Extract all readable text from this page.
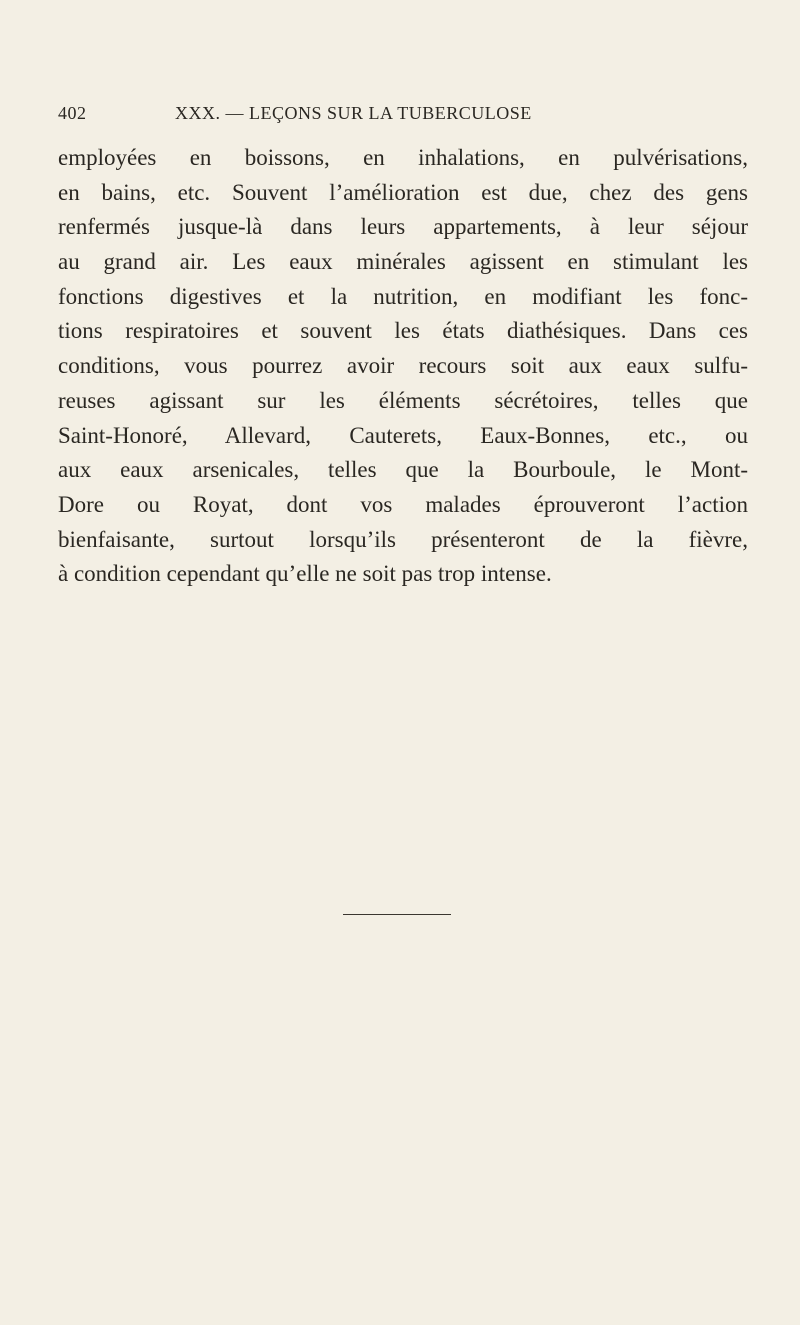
402	XXX. — LEÇONS SUR LA TUBERCULOSE
employées en boissons, en inhalations, en pulvérisations,
en bains, etc. Souvent l’amélioration est due, chez des gens
renfermés jusque-là dans leurs appartements, à leur séjour
au grand air. Les eaux minérales agissent en stimulant les
fonctions digestives et la nutrition, en modifiant les fonc-
tions respiratoires et souvent les états diathésiques. Dans ces
conditions, vous pourrez avoir recours soit aux eaux sulfu-
reuses agissant sur les éléments sécrétoires, telles que
Saint-Honoré, Allevard, Cauterets, Eaux-Bonnes, etc., ou
aux eaux arsenicales, telles que la Bourboule, le Mont-
Dore ou Royat, dont vos malades éprouveront l’action
bienfaisante, surtout lorsqu’ils présenteront de la fièvre,
à condition cependant qu’elle ne soit pas trop intense.
